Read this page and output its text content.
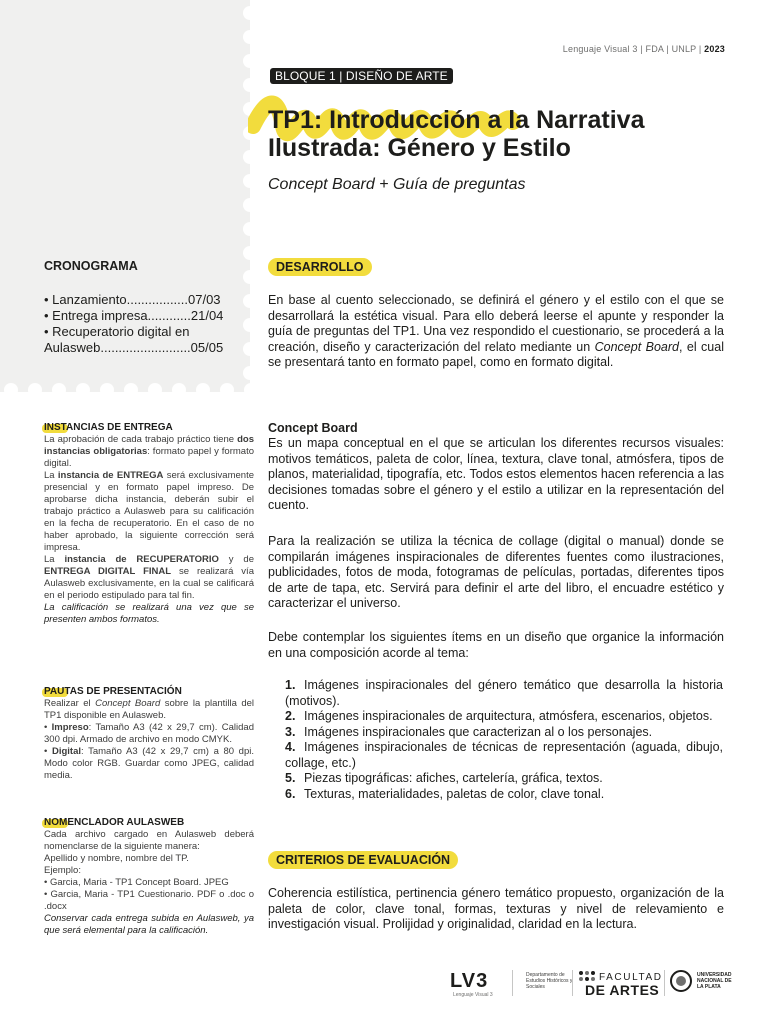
Lenguaje Visual 3 | FDA | UNLP | 2023
BLOQUE 1 | DISEÑO DE ARTE
TP1: Introducción a la Narrativa Ilustrada: Género y Estilo
Concept Board + Guía de preguntas
CRONOGRAMA
• Lanzamiento.................07/03
• Entrega impresa............21/04
• Recuperatorio digital en Aulasweb.........................05/05
INSTANCIAS DE ENTREGA

La aprobación de cada trabajo práctico tiene dos instancias obligatorias: formato papel y formato digital.

La instancia de ENTREGA será exclusivamente presencial y en formato papel impreso. De aprobarse dicha instancia, deberán subir el trabajo práctico a Aulasweb para su calificación en la fecha de recuperatorio. En el caso de no haber aprobado, la siguiente corrección será impresa.

La instancia de RECUPERATORIO y de ENTREGA DIGITAL FINAL se realizará vía Aulasweb exclusivamente, en la cual se calificará en el periodo estipulado para tal fin.

La calificación se realizará una vez que se presenten ambos formatos.

PAUTAS DE PRESENTACIÓN

Realizar el Concept Board sobre la plantilla del TP1 disponible en Aulasweb.

• Impreso: Tamaño A3 (42 x 29,7 cm). Calidad 300 dpi. Armado de archivo en modo CMYK.

• Digital: Tamaño A3 (42 x 29,7 cm) a 80 dpi. Modo color RGB. Guardar como JPEG, calidad media.

NOMENCLADOR AULASWEB

Cada archivo cargado en Aulasweb deberá nomenclarse de la siguiente manera:

Apellido y nombre, nombre del TP.

Ejemplo:

• Garcia, Maria - TP1 Concept Board. JPEG

• Garcia, Maria - TP1 Cuestionario. PDF o .doc o .docx

Conservar cada entrega subida en Aulasweb, ya que será elemental para la calificación.

DESARROLLO

En base al cuento seleccionado, se definirá el género y el estilo con el que se desarrollará la estética visual. Para ello deberá leerse el apunte y responder la guía de preguntas del TP1. Una vez respondido el cuestionario, se procederá a la creación, diseño y caracterización del relato mediante un Concept Board, el cual se presentará tanto en formato papel, como en formato digital.

Concept Board

Es un mapa conceptual en el que se articulan los diferentes recursos visuales: motivos temáticos, paleta de color, línea, textura, clave tonal, atmósfera, tipos de planos, materialidad, tipografía, etc. Todos estos elementos hacen referencia a las decisiones tomadas sobre el género y el estilo a utilizar en la representación del cuento.

Para la realización se utiliza la técnica de collage (digital o manual) donde se compilarán imágenes inspiracionales de diferentes fuentes como ilustraciones, publicidades, fotos de moda, fotogramas de películas, portadas, diferentes tipos de arte de tapa, etc. Servirá para definir el arte del libro, el encuadre estético y caracterizar el universo.

Debe contemplar los siguientes ítems en un diseño que organice la información en una composición acorde al tema:

1. Imágenes inspiracionales del género temático que desarrolla la historia (motivos).
2. Imágenes inspiracionales de arquitectura, atmósfera, escenarios, objetos.
3. Imágenes inspiracionales que caracterizan al o los personajes.
4. Imágenes inspiracionales de técnicas de representación (aguada, dibujo, collage, etc.)
5. Piezas tipográficas: afiches, cartelería, gráfica, textos.
6. Texturas, materialidades, paletas de color, clave tonal.
CRITERIOS DE EVALUACIÓN

Coherencia estilística, pertinencia género temático propuesto, organización de la paleta de color, clave tonal, formas, texturas y nivel de relevamiento e investigación visual. Prolijidad y originalidad, claridad en la lectura.

LV3
Lenguaje Visual 3
Departamento de Estudios Históricos y Sociales
FACULTAD
DE ARTES
UNIVERSIDAD NACIONAL DE LA PLATA
